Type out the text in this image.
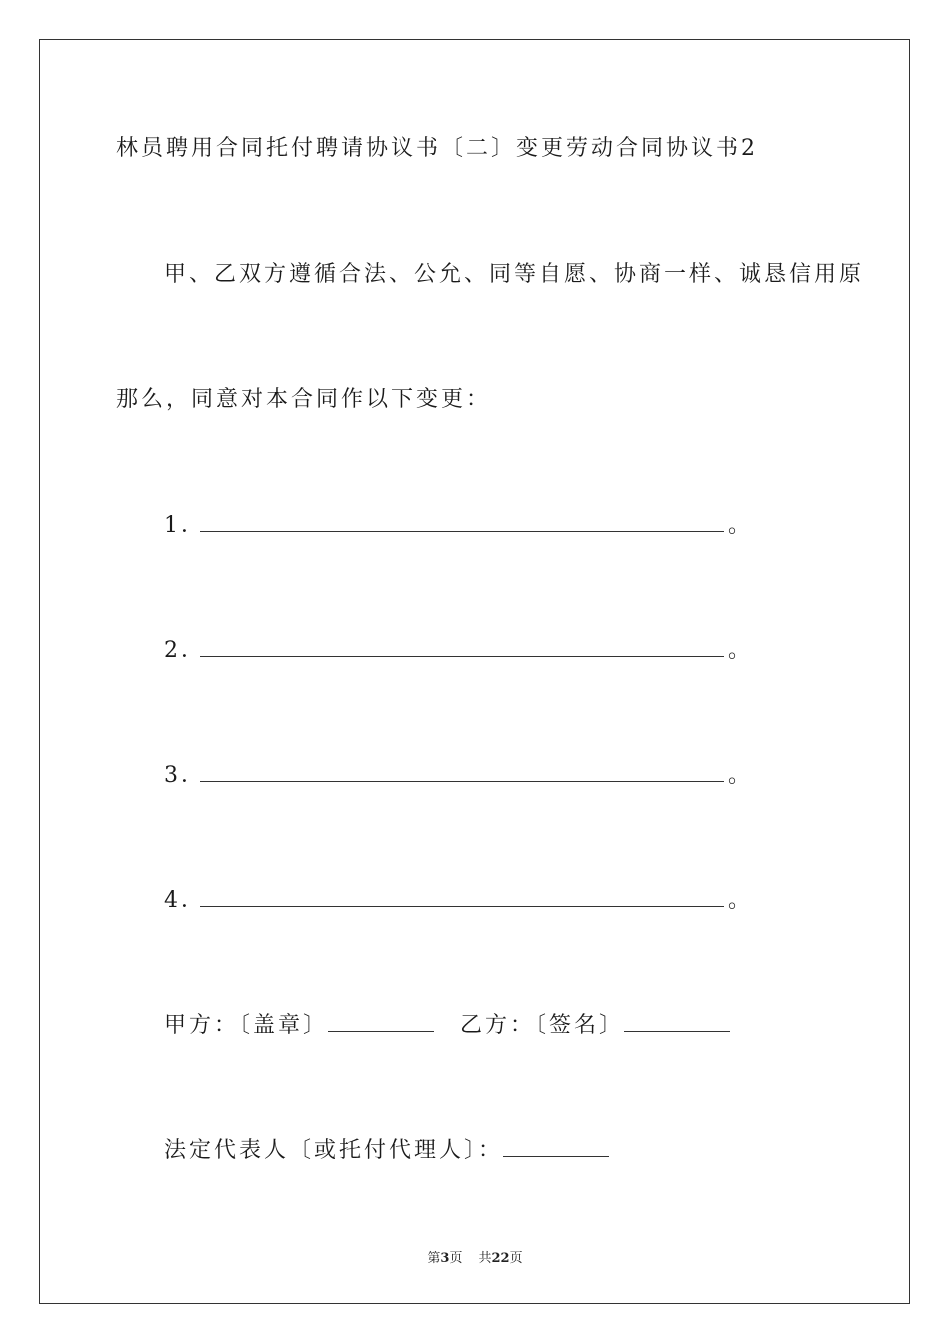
林员聘用合同托付聘请协议书〔二〕变更劳动合同协议书2
甲、乙双方遵循合法、公允、同等自愿、协商一样、诚恳信用原
那么，同意对本合同作以下变更：
1．	。
2．	。
3．	。
4．	。
甲方：〔盖章〕	乙方：〔签名〕
法定代表人〔或托付代理人〕：
第3页 共22页
